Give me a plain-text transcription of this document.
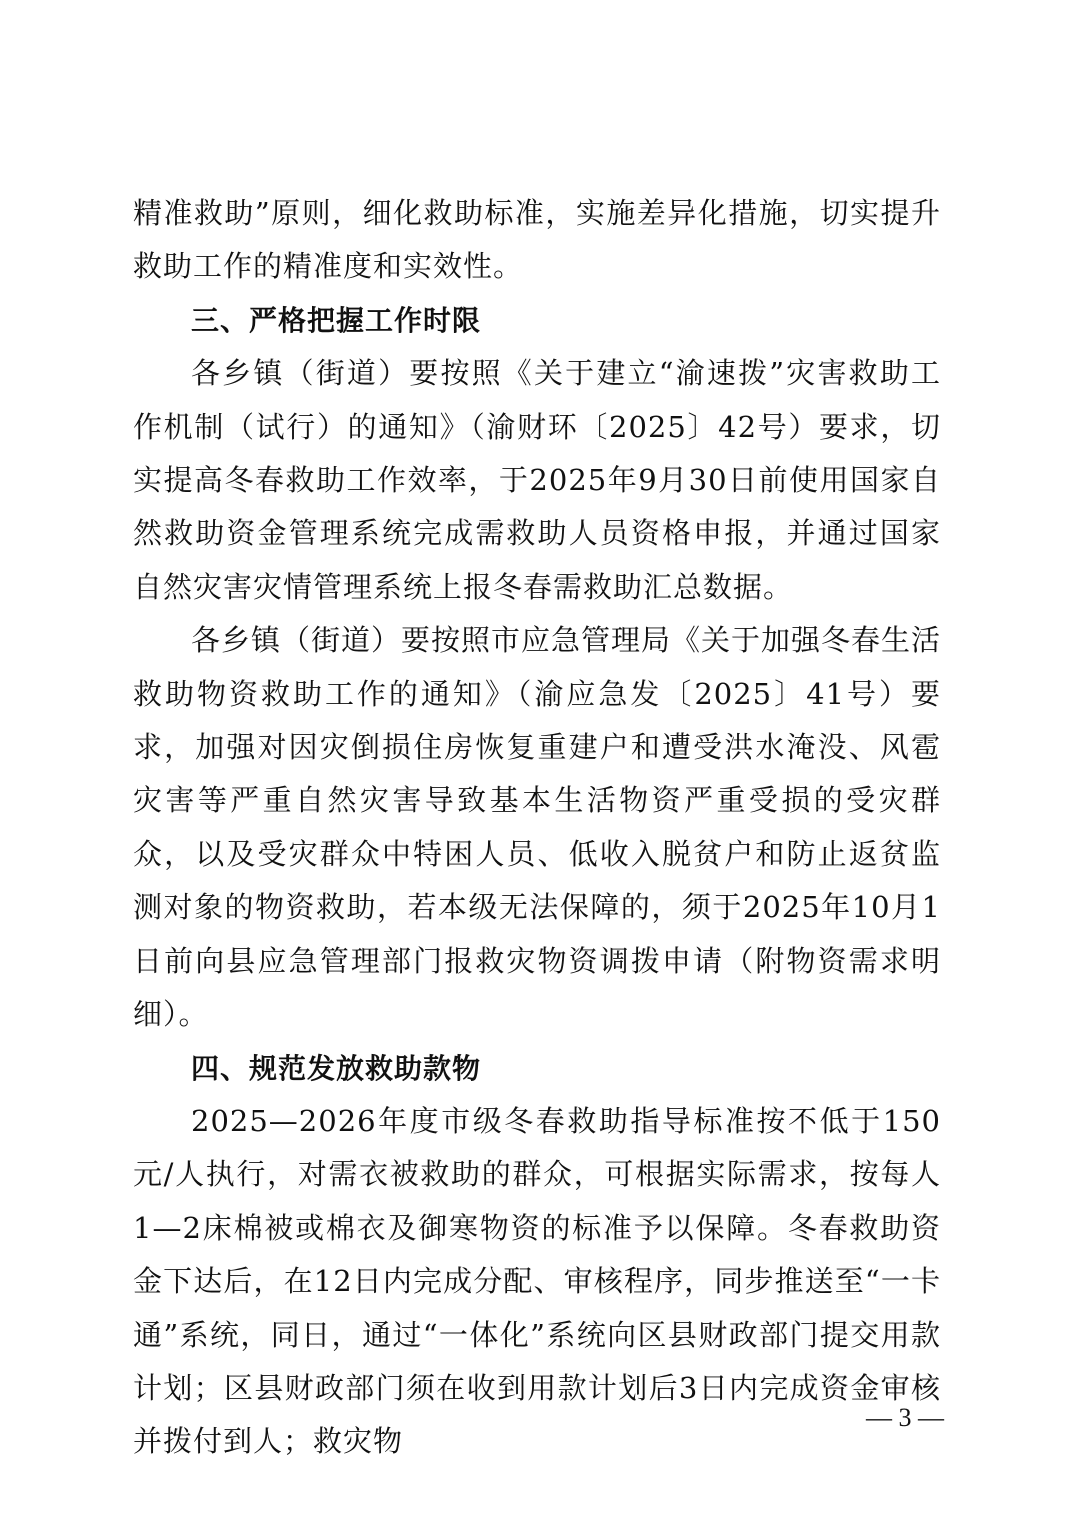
精准救助”原则，细化救助标准，实施差异化措施，切实提升救助工作的精准度和实效性。

三、严格把握工作时限

各乡镇（街道）要按照《关于建立“渝速拨”灾害救助工作机制（试行）的通知》（渝财环〔2025〕42号）要求，切实提高冬春救助工作效率，于2025年9月30日前使用国家自然救助资金管理系统完成需救助人员资格申报，并通过国家自然灾害灾情管理系统上报冬春需救助汇总数据。

各乡镇（街道）要按照市应急管理局《关于加强冬春生活救助物资救助工作的通知》（渝应急发〔2025〕41号）要求，加强对因灾倒损住房恢复重建户和遭受洪水淹没、风雹灾害等严重自然灾害导致基本生活物资严重受损的受灾群众，以及受灾群众中特困人员、低收入脱贫户和防止返贫监测对象的物资救助，若本级无法保障的，须于2025年10月1日前向县应急管理部门报救灾物资调拨申请（附物资需求明细）。

四、规范发放救助款物

2025—2026年度市级冬春救助指导标准按不低于150元/人执行，对需衣被救助的群众，可根据实际需求，按每人1—2床棉被或棉衣及御寒物资的标准予以保障。冬春救助资金下达后，在12日内完成分配、审核程序，同步推送至“一卡通”系统，同日，通过“一体化”系统向区县财政部门提交用款计划；区县财政部门须在收到用款计划后3日内完成资金审核并拨付到人；救灾物

— 3 —
